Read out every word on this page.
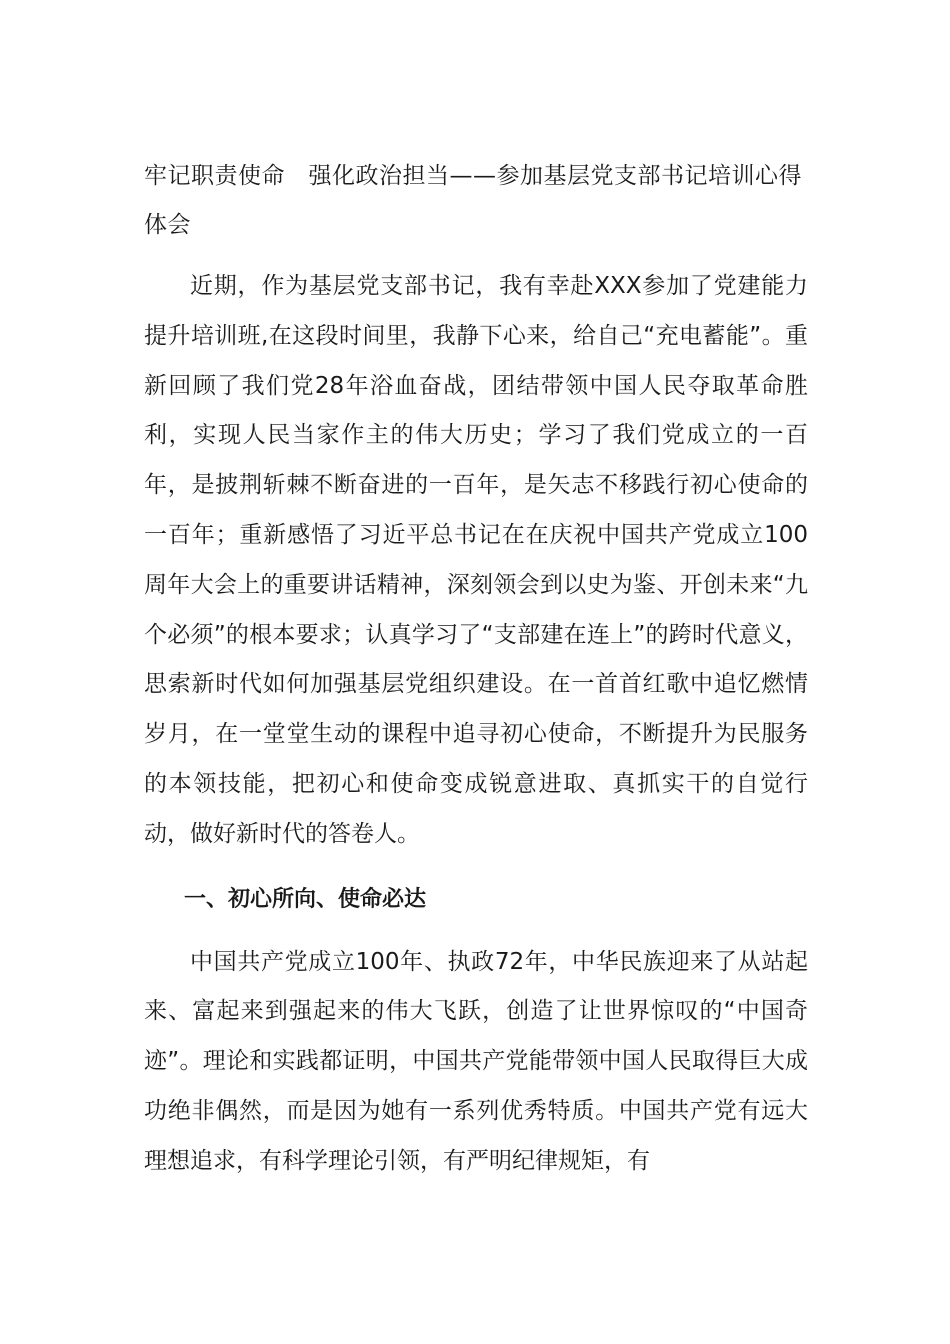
牢记职责使命　强化政治担当——参加基层党支部书记培训心得体会

近期，作为基层党支部书记，我有幸赴XXX参加了党建能力提升培训班,在这段时间里，我静下心来，给自己“充电蓄能”。重新回顾了我们党28年浴血奋战，团结带领中国人民夺取革命胜利，实现人民当家作主的伟大历史；学习了我们党成立的一百年，是披荆斩棘不断奋进的一百年，是矢志不移践行初心使命的一百年；重新感悟了习近平总书记在在庆祝中国共产党成立100周年大会上的重要讲话精神，深刻领会到以史为鉴、开创未来“九个必须”的根本要求；认真学习了“支部建在连上”的跨时代意义，思索新时代如何加强基层党组织建设。在一首首红歌中追忆燃情岁月，在一堂堂生动的课程中追寻初心使命，不断提升为民服务的本领技能，把初心和使命变成锐意进取、真抓实干的自觉行动，做好新时代的答卷人。

一、初心所向、使命必达

中国共产党成立100年、执政72年，中华民族迎来了从站起来、富起来到强起来的伟大飞跃，创造了让世界惊叹的“中国奇迹”。理论和实践都证明，中国共产党能带领中国人民取得巨大成功绝非偶然，而是因为她有一系列优秀特质。中国共产党有远大理想追求，有科学理论引领，有严明纪律规矩，有
